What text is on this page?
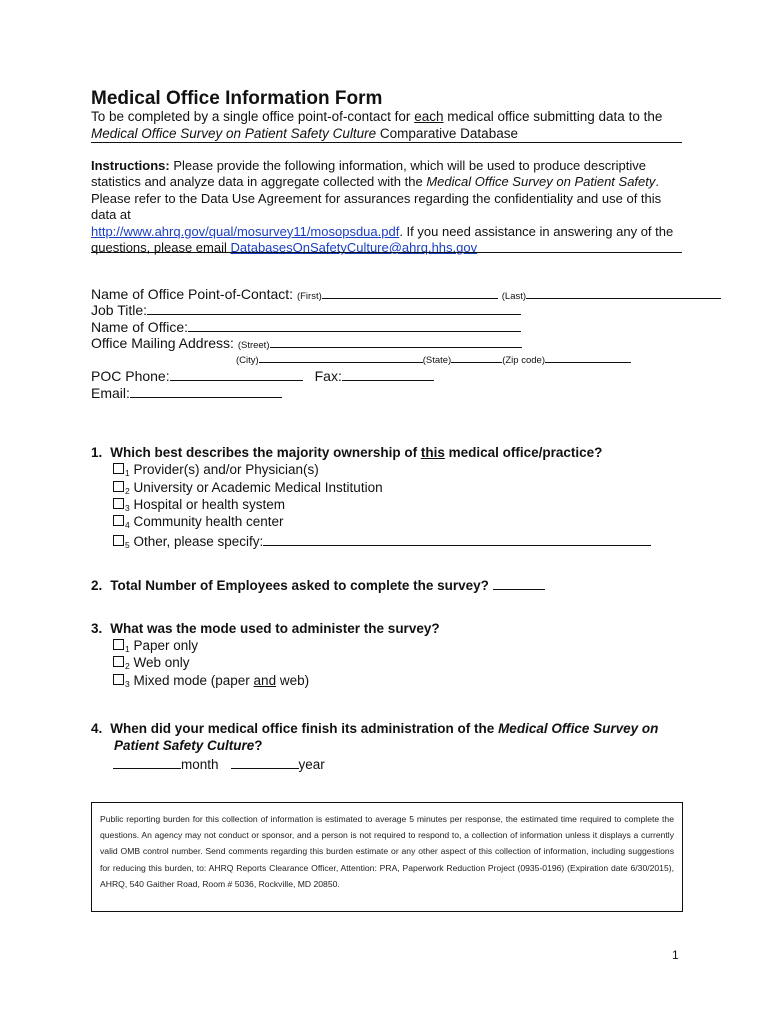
Medical Office Information Form
To be completed by a single office point-of-contact for each medical office submitting data to the Medical Office Survey on Patient Safety Culture Comparative Database
Instructions: Please provide the following information, which will be used to produce descriptive statistics and analyze data in aggregate collected with the Medical Office Survey on Patient Safety. Please refer to the Data Use Agreement for assurances regarding the confidentiality and use of this data at
http://www.ahrq.gov/qual/mosurvey11/mosopsdua.pdf. If you need assistance in answering any of the questions, please email DatabasesOnSafetyCulture@ahrq.hhs.gov
Name of Office Point-of-Contact: (First)	(Last)
Job Title:
Name of Office:
Office Mailing Address: (Street)
(City)	(State)	(Zip code)
POC Phone:	Fax:
Email:
1. Which best describes the majority ownership of this medical office/practice?
$_1$ Provider(s) and/or Physician(s)
$_2$ University or Academic Medical Institution
$_3$ Hospital or health system
$_4$ Community health center
$_5$ Other, please specify:
2. Total Number of Employees asked to complete the survey?
3. What was the mode used to administer the survey?
$_1$ Paper only
$_2$ Web only
$_3$ Mixed mode (paper and web)
4. When did your medical office finish its administration of the Medical Office Survey on
Patient Safety Culture?
month	year
Public reporting burden for this collection of information is estimated to average 5 minutes per response, the estimated time required to complete the questions. An agency may not conduct or sponsor, and a person is not required to respond to, a collection of information unless it displays a currently valid OMB control number. Send comments regarding this burden estimate or any other aspect of this collection of information, including suggestions for reducing this burden, to: AHRQ Reports Clearance Officer, Attention: PRA, Paperwork Reduction Project (0935-0196) (Expiration date 6/30/2015), AHRQ, 540 Gaither Road, Room # 5036, Rockville, MD 20850.
1
